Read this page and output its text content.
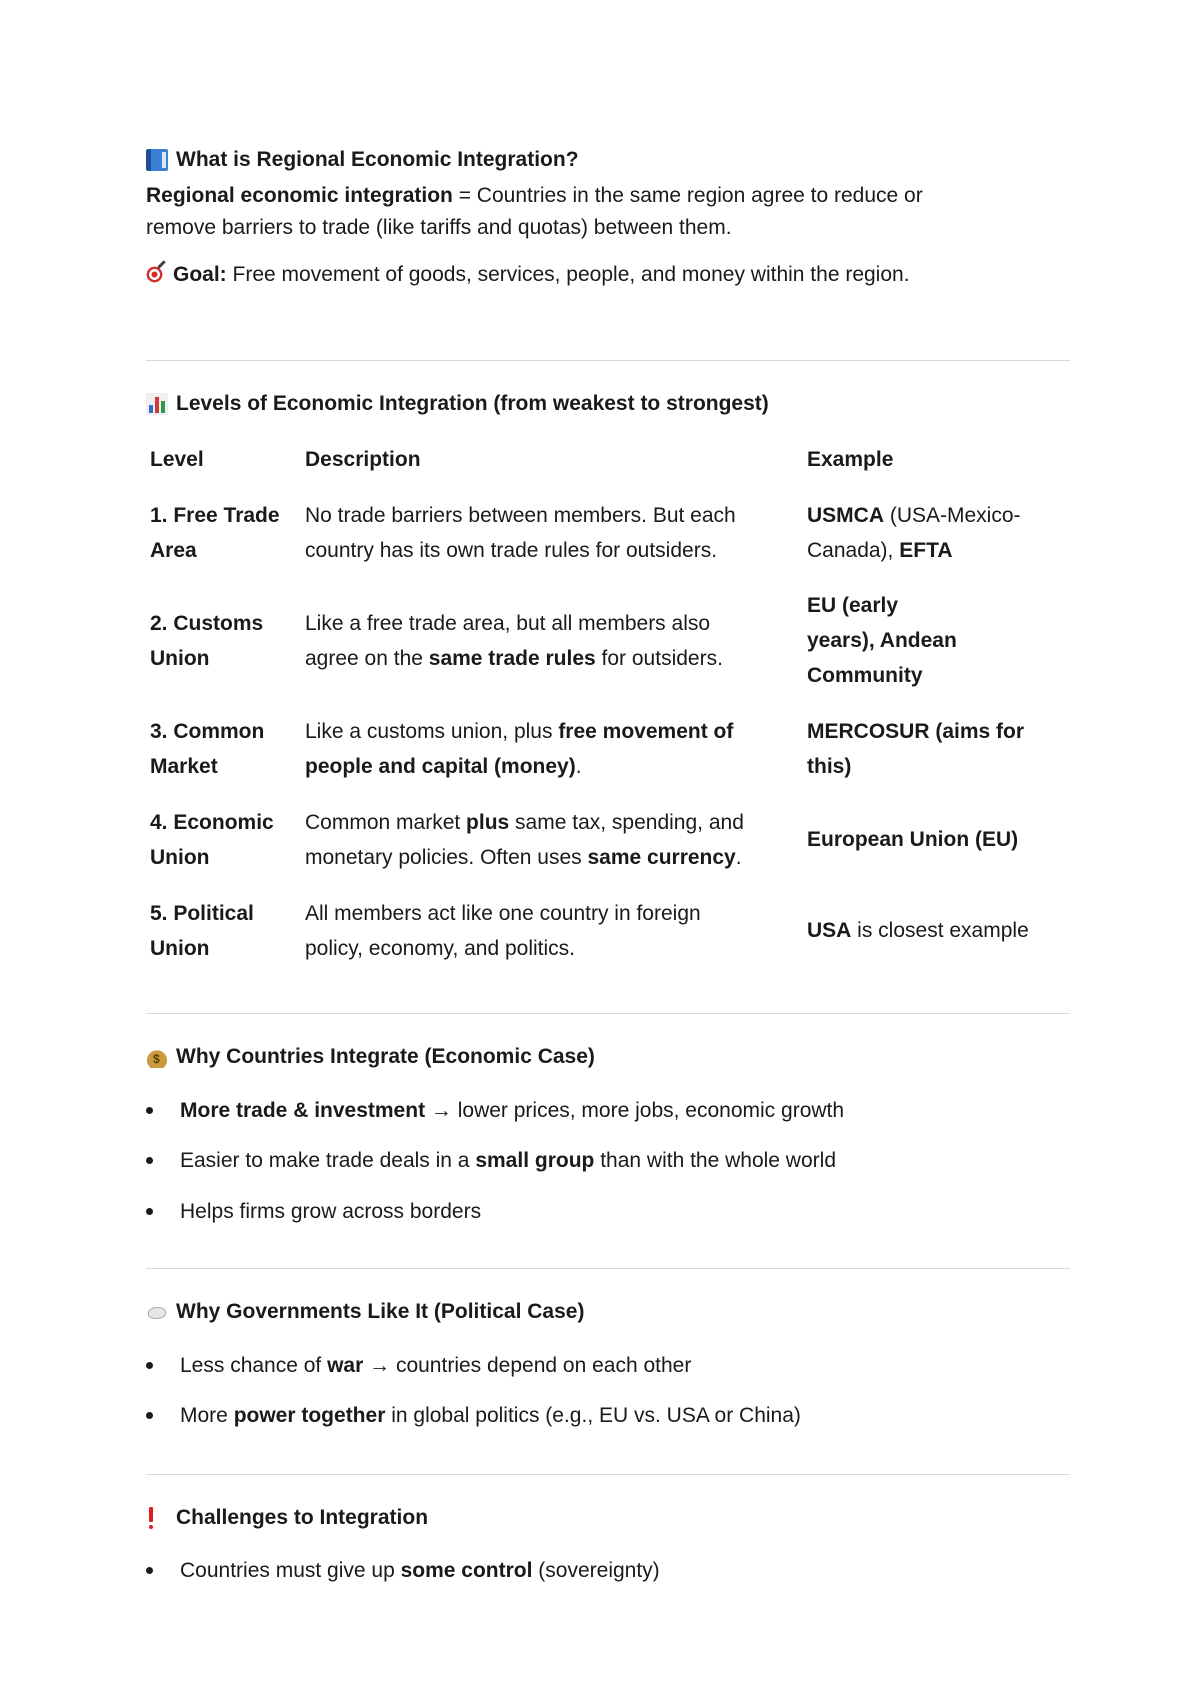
What is Regional Economic Integration?
Regional economic integration = Countries in the same region agree to reduce or
remove barriers to trade (like tariffs and quotas) between them.
Goal: Free movement of goods, services, people, and money within the region.
Levels of Economic Integration (from weakest to strongest)
Level	Description	Example
1. Free Trade
Area
No trade barriers between members. But each
country has its own trade rules for outsiders.
USMCA (USA-Mexico-
Canada), EFTA
2. Customs
Union
Like a free trade area, but all members also
agree on the same trade rules for outsiders.
EU (early
years), Andean
Community
3. Common
Market
Like a customs union, plus free movement of
people and capital (money).
MERCOSUR (aims for
this)
4. Economic
Union
Common market plus same tax, spending, and
monetary policies. Often uses same currency.
European Union (EU)
5. Political
Union
All members act like one country in foreign
policy, economy, and politics.
USA is closest example
$
Why Countries Integrate (Economic Case)
More trade & investment → lower prices, more jobs, economic growth
Easier to make trade deals in a small group than with the whole world
Helps firms grow across borders
Why Governments Like It (Political Case)
Less chance of war → countries depend on each other
More power together in global politics (e.g., EU vs. USA or China)
Challenges to Integration
Countries must give up some control (sovereignty)
